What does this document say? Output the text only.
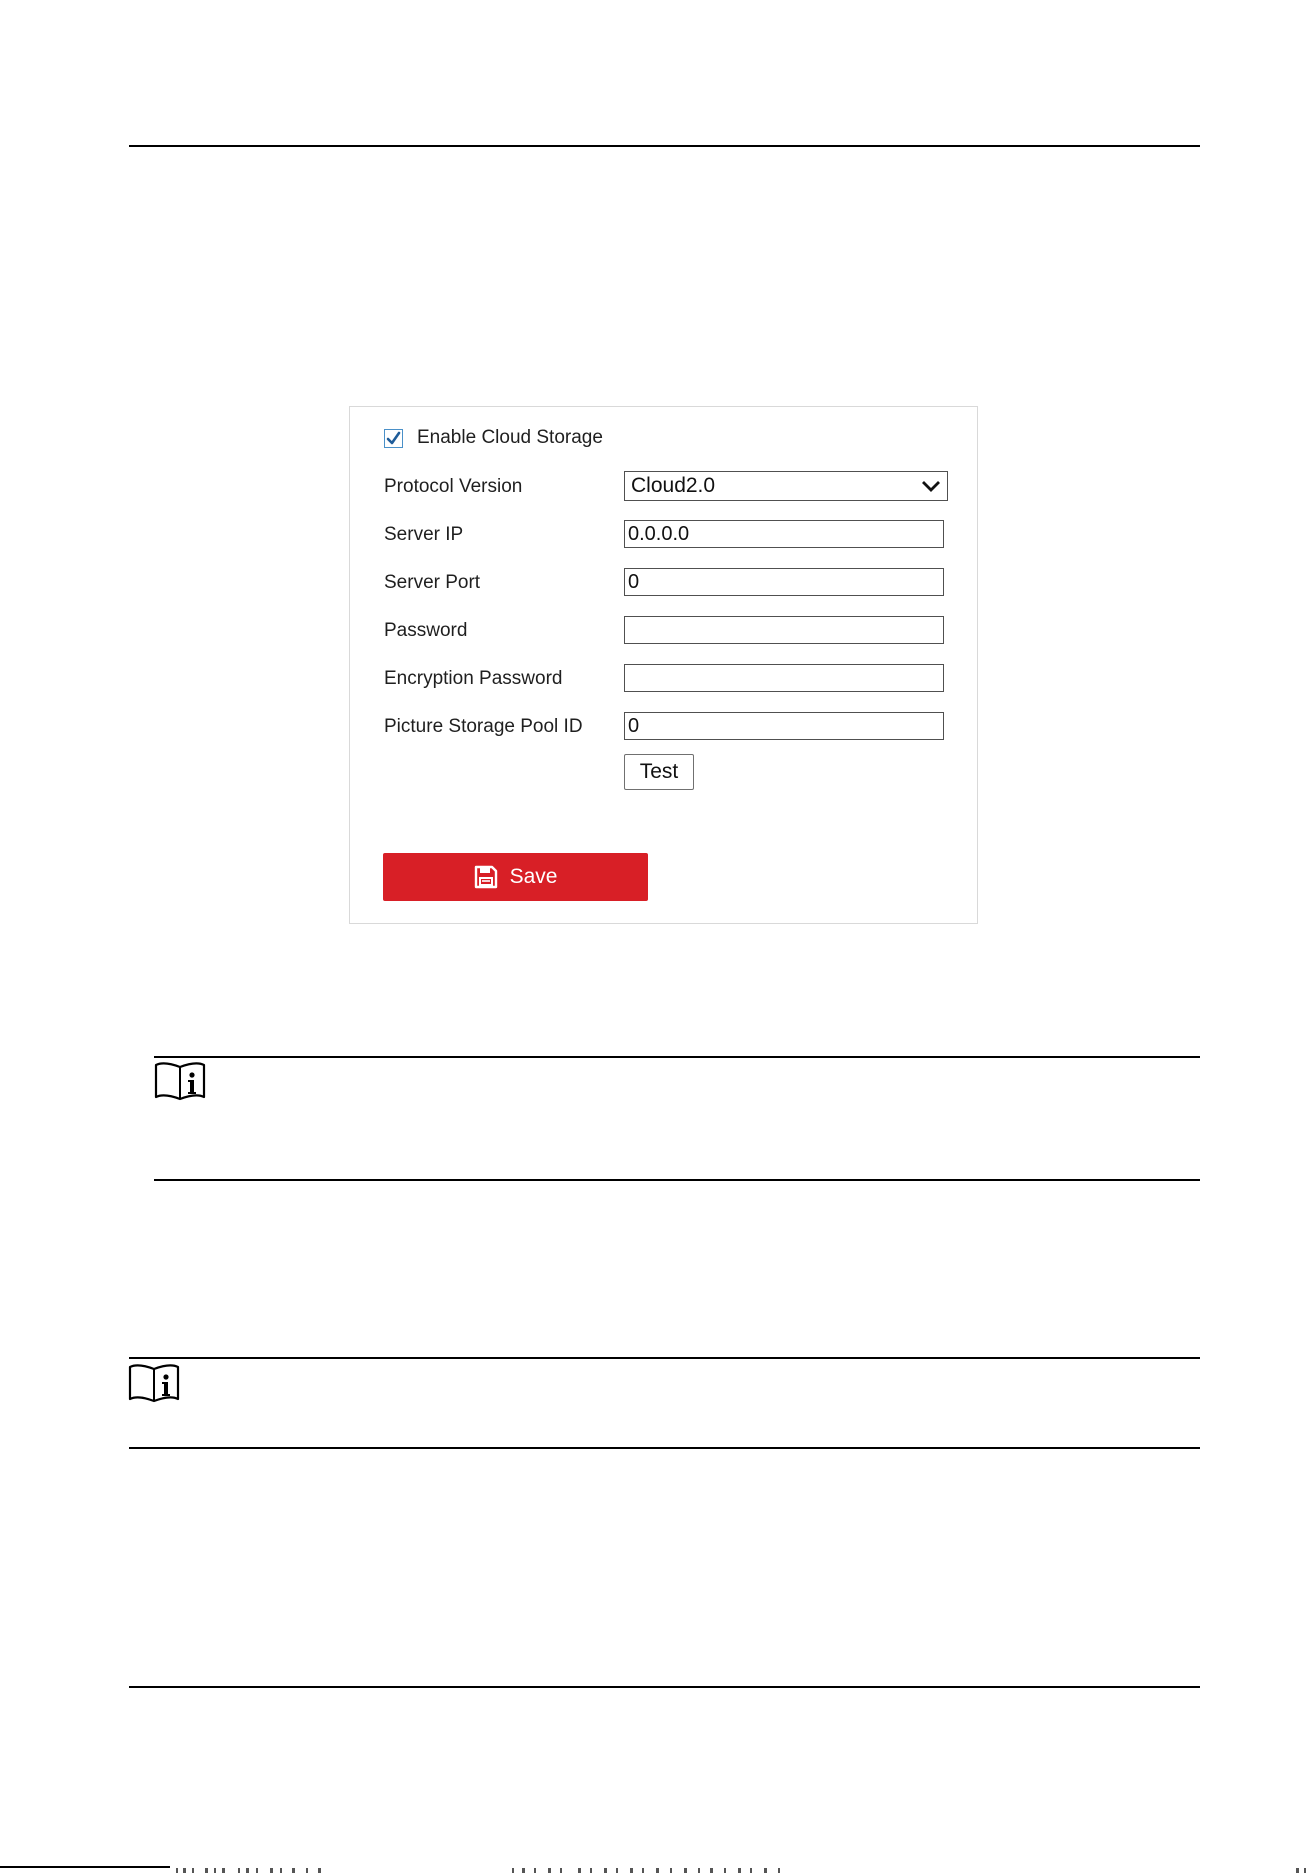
Enable Cloud Storage
Protocol Version	Cloud2.0
Server IP
0.0.0.0
Server Port
0
Password
Encryption Password
Picture Storage Pool ID
0
Test
Save
